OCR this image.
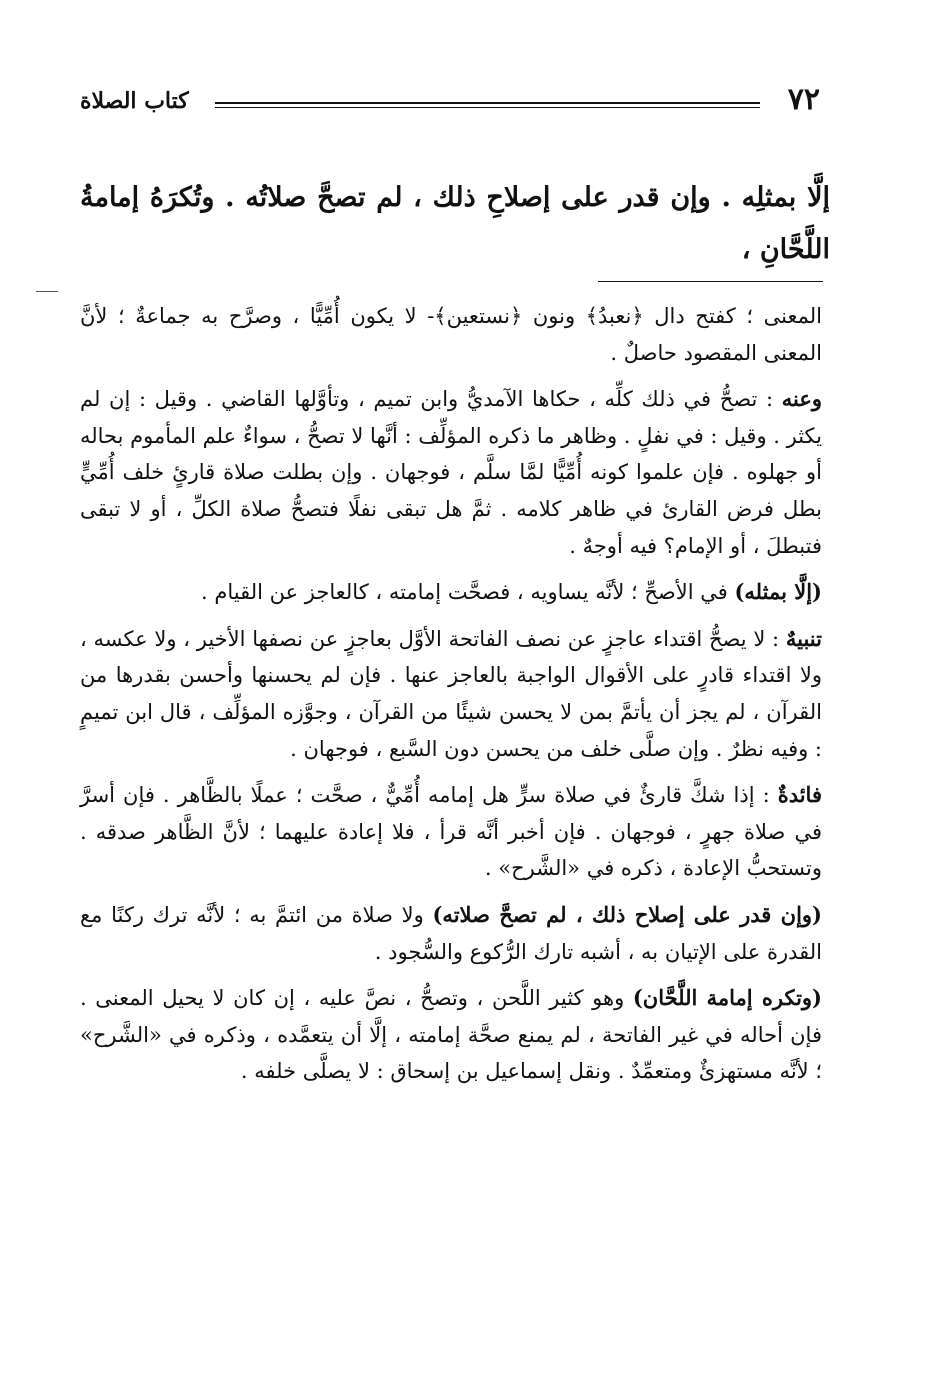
٧٢
كتاب الصلاة
إلَّا بمثلِه . وإن قدر على إصلاحِ ذلك ، لم تصحَّ صلاتُه . وتُكرَهُ إمامةُ اللَّحَّانِ ،

المعنى ؛ كفتح دال ﴿نعبدُ﴾ ونون ﴿نستعين﴾- لا يكون أُمِّيًّا ، وصرَّح به جماعةٌ ؛ لأنَّ المعنى المقصود حاصلٌ .

وعنه : تصحُّ في ذلك كلِّه ، حكاها الآمديُّ وابن تميم ، وتأوَّلها القاضي . وقيل : إن لم يكثر . وقيل : في نفلٍ . وظاهر ما ذكره المؤلِّف : أنَّها لا تصحُّ ، سواءٌ علم المأموم بحاله أو جهلوه . فإن علموا كونه أُمِّيًّا لمَّا سلَّم ، فوجهان . وإن بطلت صلاة قارئٍ خلف أُمِّيٍّ بطل فرض القارئ في ظاهر كلامه . ثمَّ هل تبقى نفلًا فتصحُّ صلاة الكلِّ ، أو لا تبقى فتبطلَ ، أو الإمام؟ فيه أوجهٌ .

(إلَّا بمثله) في الأصحِّ ؛ لأنَّه يساويه ، فصحَّت إمامته ، كالعاجز عن القيام .

تنبيهٌ : لا يصحُّ اقتداء عاجزٍ عن نصف الفاتحة الأوَّل بعاجزٍ عن نصفها الأخير ، ولا عكسه ، ولا اقتداء قادرٍ على الأقوال الواجبة بالعاجز عنها . فإن لم يحسنها وأحسن بقدرها من القرآن ، لم يجز أن يأتمَّ بمن لا يحسن شيئًا من القرآن ، وجوَّزه المؤلِّف ، قال ابن تميمٍ : وفيه نظرٌ . وإن صلَّى خلف من يحسن دون السَّبع ، فوجهان .

فائدةٌ : إذا شكَّ قارئٌ في صلاة سرٍّ هل إمامه أُمِّيٌّ ، صحَّت ؛ عملًا بالظَّاهر . فإن أسرَّ في صلاة جهرٍ ، فوجهان . فإن أخبر أنَّه قرأ ، فلا إعادة عليهما ؛ لأنَّ الظَّاهر صدقه . وتستحبُّ الإعادة ، ذكره في «الشَّرح» .

(وإن قدر على إصلاح ذلك ، لم تصحَّ صلاته) ولا صلاة من ائتمَّ به ؛ لأنَّه ترك ركنًا مع القدرة على الإتيان به ، أشبه تارك الرُّكوع والسُّجود .

(وتكره إمامة اللَّحَّان) وهو كثير اللَّحن ، وتصحُّ ، نصَّ عليه ، إن كان لا يحيل المعنى . فإن أحاله في غير الفاتحة ، لم يمنع صحَّة إمامته ، إلَّا أن يتعمَّده ، وذكره في «الشَّرح» ؛ لأنَّه مستهزئٌ ومتعمِّدٌ . ونقل إسماعيل بن إسحاق : لا يصلَّى خلفه .
